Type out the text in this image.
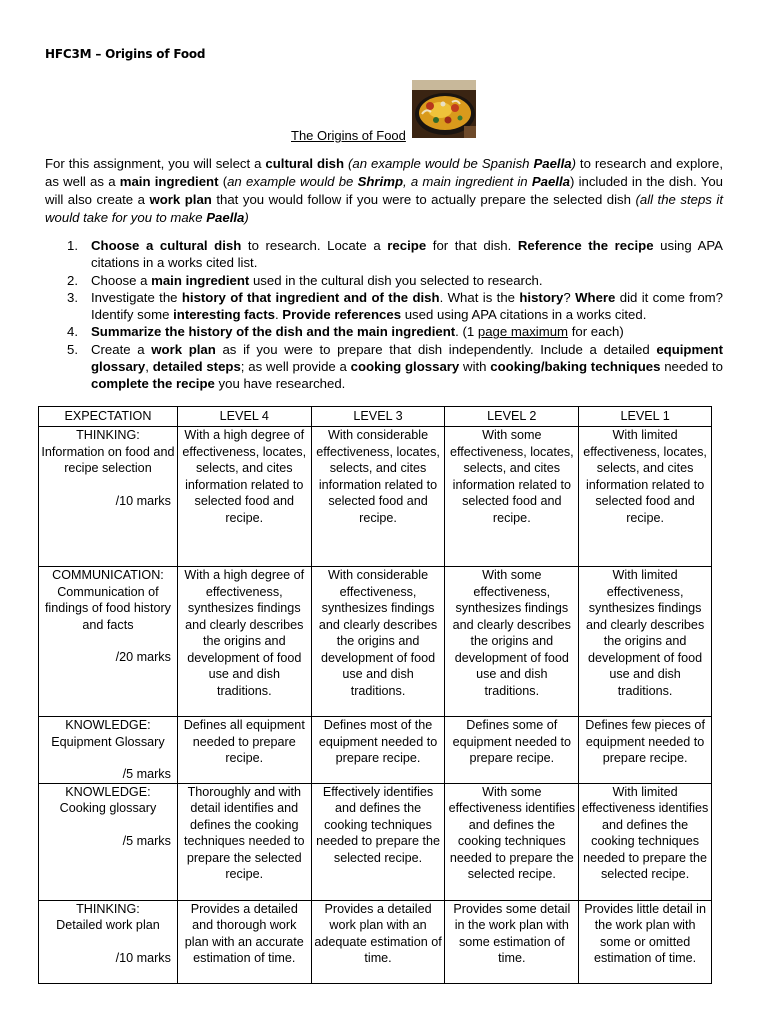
HFC3M – Origins of Food
The Origins of Food
For this assignment, you will select a cultural dish (an example would be Spanish Paella) to research and explore, as well as a main ingredient (an example would be Shrimp, a main ingredient in Paella) included in the dish. You will also create a work plan that you would follow if you were to actually prepare the selected dish (all the steps it would take for you to make Paella)
1. Choose a cultural dish to research. Locate a recipe for that dish. Reference the recipe using APA citations in a works cited list.
2. Choose a main ingredient used in the cultural dish you selected to research.
3. Investigate the history of that ingredient and of the dish. What is the history? Where did it come from? Identify some interesting facts. Provide references used using APA citations in a works cited.
4. Summarize the history of the dish and the main ingredient. (1 page maximum for each)
5. Create a work plan as if you were to prepare that dish independently. Include a detailed equipment glossary, detailed steps; as well provide a cooking glossary with cooking/baking techniques needed to complete the recipe you have researched.
EXPECTATION	LEVEL 4	LEVEL 3	LEVEL 2	LEVEL 1

THINKING:
Information on food and recipe selection
/10 marks	With a high degree of effectiveness, locates, selects, and cites information related to selected food and recipe.	With considerable effectiveness, locates, selects, and cites information related to selected food and recipe.	With some effectiveness, locates, selects, and cites information related to selected food and recipe.	With limited effectiveness, locates, selects, and cites information related to selected food and recipe.

COMMUNICATION:
Communication of findings of food history and facts
/20 marks	With a high degree of effectiveness, synthesizes findings and clearly describes the origins and development of food use and dish traditions.	With considerable effectiveness, synthesizes findings and clearly describes the origins and development of food use and dish traditions.	With some effectiveness, synthesizes findings and clearly describes the origins and development of food use and dish traditions.	With limited effectiveness, synthesizes findings and clearly describes the origins and development of food use and dish traditions.

KNOWLEDGE:
Equipment Glossary
/5 marks	Defines all equipment needed to prepare recipe.	Defines most of the equipment needed to prepare recipe.	Defines some of equipment needed to prepare recipe.	Defines few pieces of equipment needed to prepare recipe.

KNOWLEDGE:
Cooking glossary
/5 marks	Thoroughly and with detail identifies and defines the cooking techniques needed to prepare the selected recipe.	Effectively identifies and defines the cooking techniques needed to prepare the selected recipe.	With some effectiveness identifies and defines the cooking techniques needed to prepare the selected recipe.	With limited effectiveness identifies and defines the cooking techniques needed to prepare the selected recipe.

THINKING:
Detailed work plan
/10 marks	Provides a detailed and thorough work plan with an accurate estimation of time.	Provides a detailed work plan with an adequate estimation of time.	Provides some detail in the work plan with some estimation of time.	Provides little detail in the work plan with some or omitted estimation of time.
